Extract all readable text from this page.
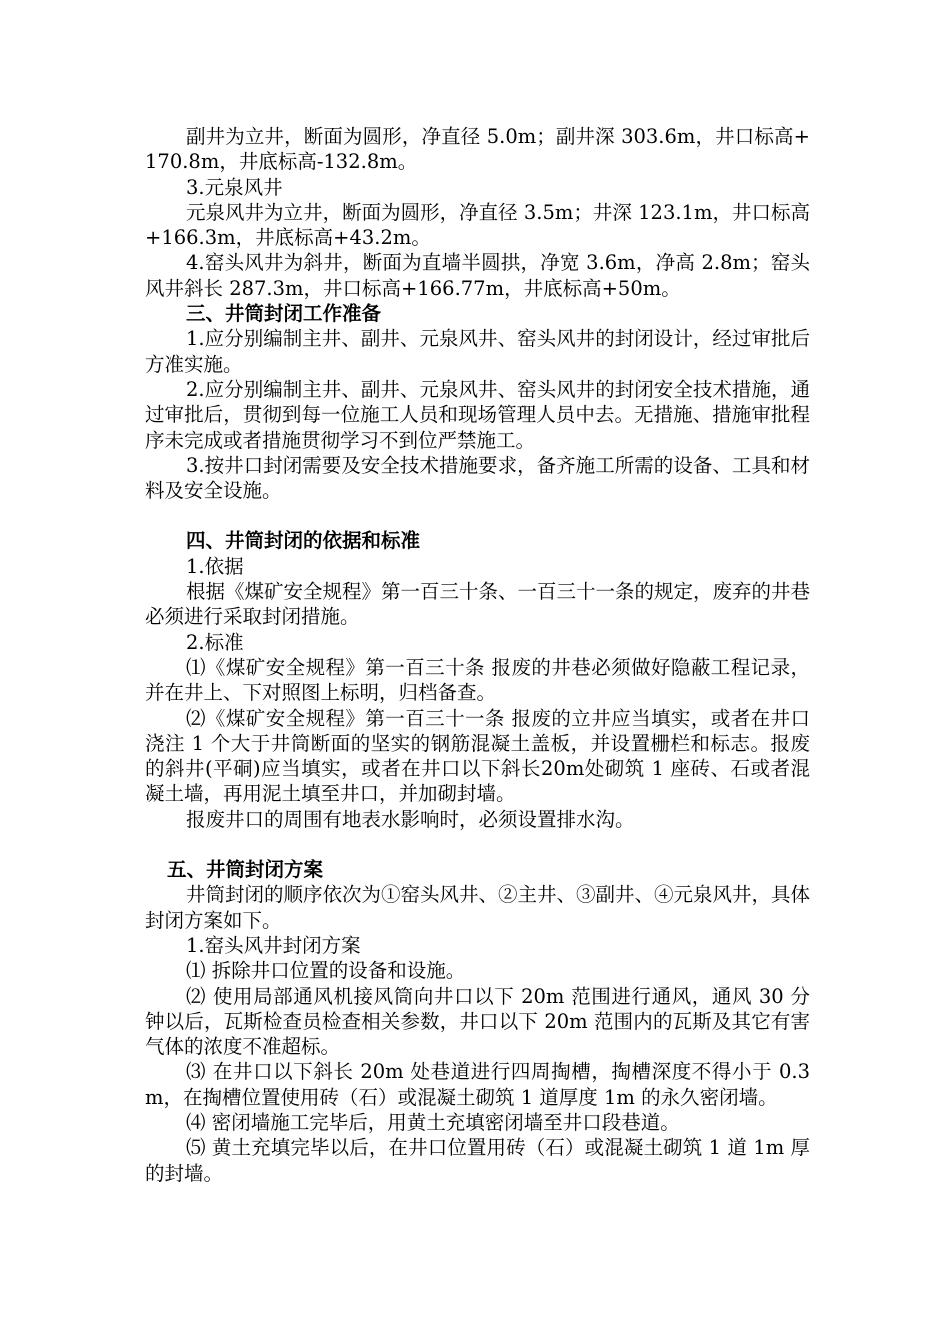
副井为立井，断面为圆形，净直径 5.0m；副井深 303.6m，井口标高+170.8m，井底标高-132.8m。

3.元泉风井

元泉风井为立井，断面为圆形，净直径 3.5m；井深 123.1m，井口标高+166.3m，井底标高+43.2m。

4.窑头风井为斜井，断面为直墙半圆拱，净宽 3.6m，净高 2.8m；窑头风井斜长 287.3m，井口标高+166.77m，井底标高+50m。

三、井筒封闭工作准备

1.应分别编制主井、副井、元泉风井、窑头风井的封闭设计，经过审批后方准实施。

2.应分别编制主井、副井、元泉风井、窑头风井的封闭安全技术措施，通过审批后，贯彻到每一位施工人员和现场管理人员中去。无措施、措施审批程序未完成或者措施贯彻学习不到位严禁施工。

3.按井口封闭需要及安全技术措施要求，备齐施工所需的设备、工具和材料及安全设施。

四、井筒封闭的依据和标准

1.依据

根据《煤矿安全规程》第一百三十条、一百三十一条的规定，废弃的井巷必须进行采取封闭措施。

2.标准

⑴《煤矿安全规程》第一百三十条 报废的井巷必须做好隐蔽工程记录，并在井上、下对照图上标明，归档备查。

⑵《煤矿安全规程》第一百三十一条 报废的立井应当填实，或者在井口浇注 1 个大于井筒断面的坚实的钢筋混凝土盖板，并设置栅栏和标志。报废的斜井(平硐)应当填实，或者在井口以下斜长20m处砌筑 1 座砖、石或者混凝土墙，再用泥土填至井口，并加砌封墙。

报废井口的周围有地表水影响时，必须设置排水沟。

五、井筒封闭方案

井筒封闭的顺序依次为①窑头风井、②主井、③副井、④元泉风井，具体封闭方案如下。

1.窑头风井封闭方案

⑴ 拆除井口位置的设备和设施。

⑵ 使用局部通风机接风筒向井口以下 20m 范围进行通风，通风 30 分钟以后，瓦斯检查员检查相关参数，井口以下 20m 范围内的瓦斯及其它有害气体的浓度不准超标。

⑶ 在井口以下斜长 20m 处巷道进行四周掏槽，掏槽深度不得小于 0.3m，在掏槽位置使用砖（石）或混凝土砌筑 1 道厚度 1m 的永久密闭墙。

⑷ 密闭墙施工完毕后，用黄土充填密闭墙至井口段巷道。

⑸ 黄土充填完毕以后，在井口位置用砖（石）或混凝土砌筑 1 道 1m 厚的封墙。
